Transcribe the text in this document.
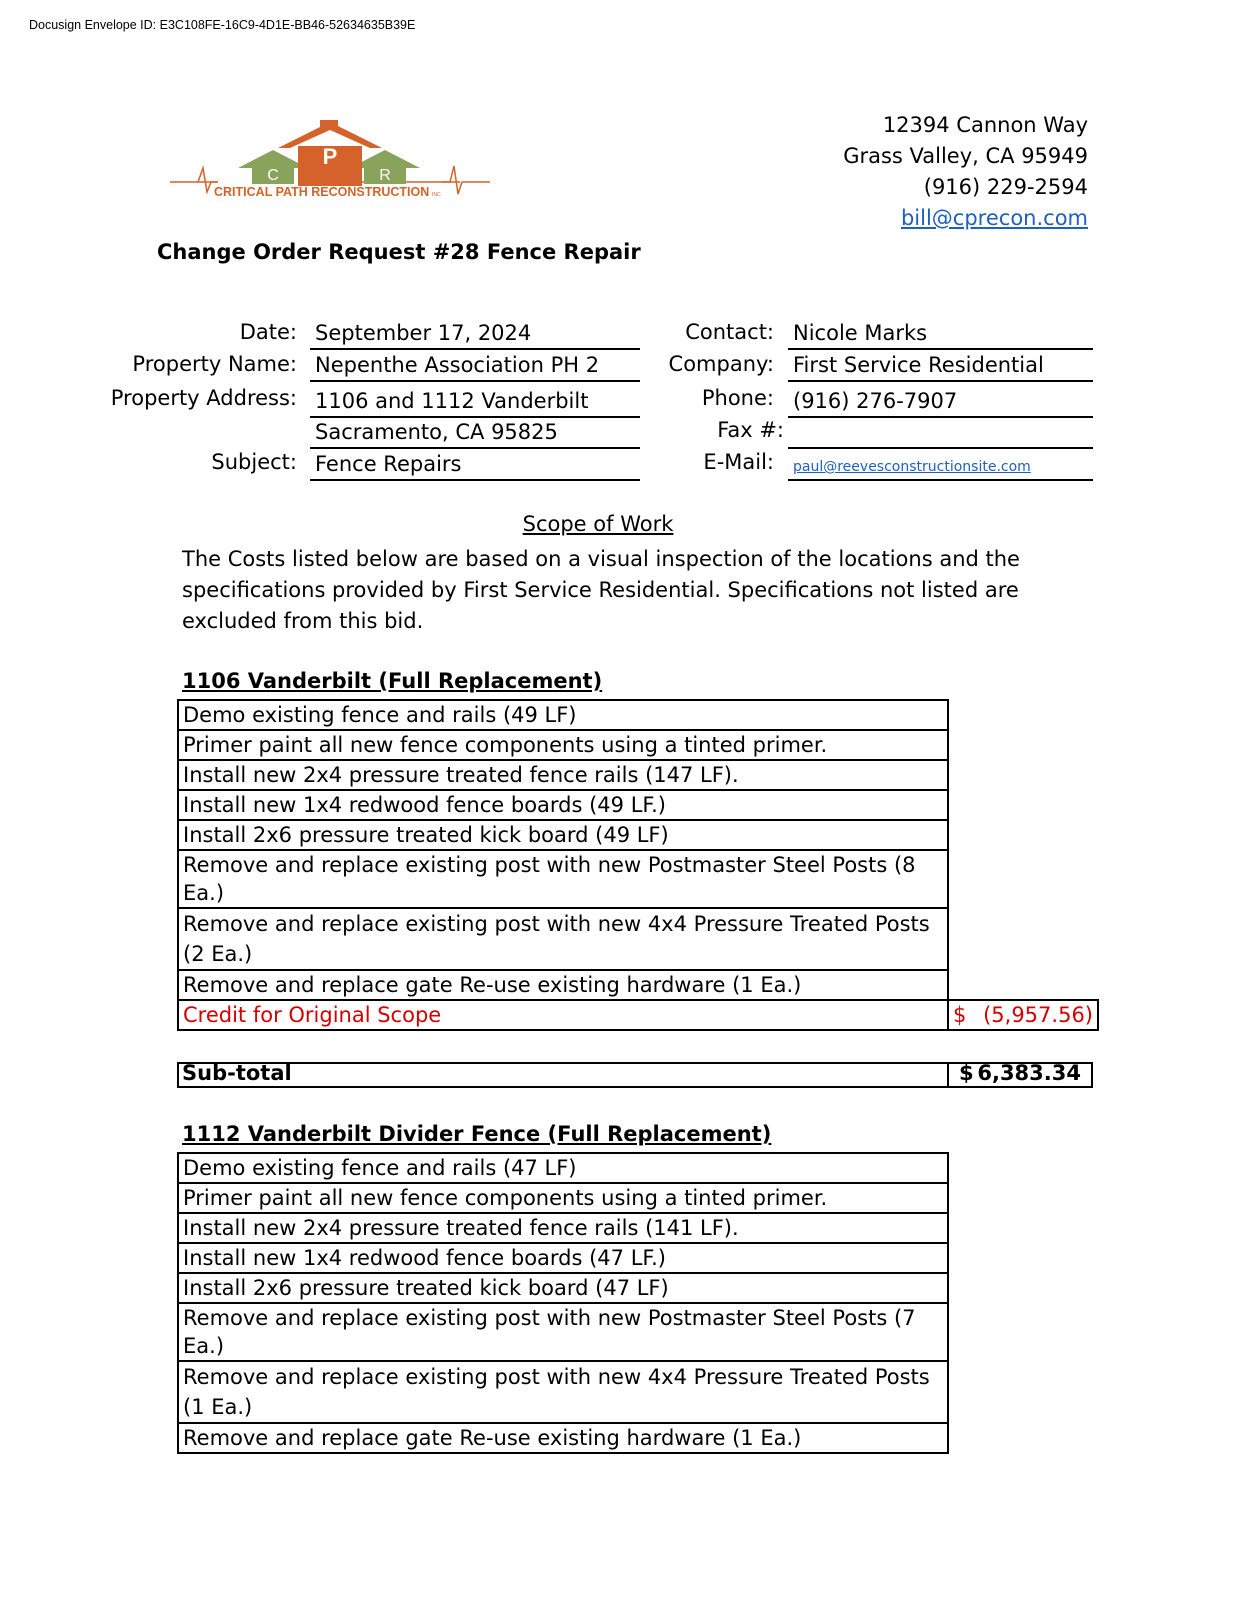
Docusign Envelope ID: E3C108FE-16C9-4D1E-BB46-52634635B39E
P
C	R
CRITICAL PATH RECONSTRUCTION INC.
12394 Cannon Way
Grass Valley, CA 95949
(916) 229-2594
bill@cprecon.com
Change Order Request #28 Fence Repair
Date: September 17, 2024
Property Name: Nepenthe Association PH 2
Property Address: 1106 and 1112 Vanderbilt
Sacramento, CA 95825
Subject: Fence Repairs
Contact: Nicole Marks
Company: First Service Residential
Phone: (916) 276-7907
Fax #:
E-Mail:	paul@reevesconstructionsite.com
Scope of Work
The Costs listed below are based on a visual inspection of the locations and the specifications provided by First Service Residential. Specifications not listed are excluded from this bid.
1106 Vanderbilt (Full Replacement)
Demo existing fence and rails (49 LF)	
Primer paint all new fence components using a tinted primer.	
Install new 2x4 pressure treated fence rails (147 LF).	
Install new 1x4 redwood fence boards (49 LF.)	
Install 2x6 pressure treated kick board (49 LF)	
Remove and replace existing post with new Postmaster Steel Posts (8 Ea.)	
Remove and replace existing post with new 4x4 Pressure Treated Posts (2 Ea.)	
Remove and replace gate Re-use existing hardware (1 Ea.)	
Credit for Original Scope	$ (5,957.56)
Sub-total	$ 6,383.34
1112 Vanderbilt Divider Fence (Full Replacement)
Demo existing fence and rails (47 LF)	
Primer paint all new fence components using a tinted primer.	
Install new 2x4 pressure treated fence rails (141 LF).	
Install new 1x4 redwood fence boards (47 LF.)	
Install 2x6 pressure treated kick board (47 LF)	
Remove and replace existing post with new Postmaster Steel Posts (7 Ea.)	
Remove and replace existing post with new 4x4 Pressure Treated Posts (1 Ea.)	
Remove and replace gate Re-use existing hardware (1 Ea.)	
